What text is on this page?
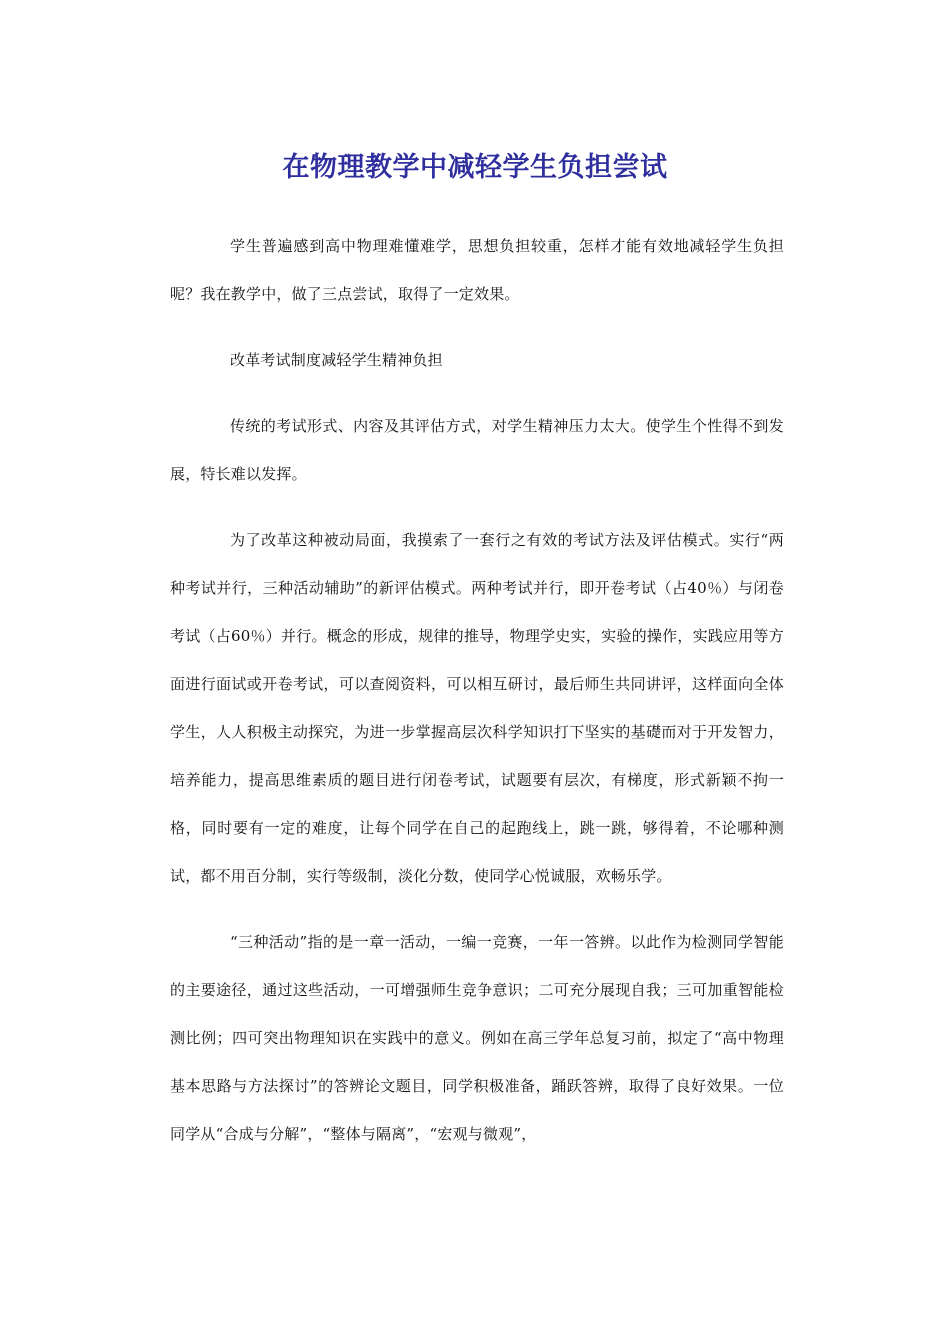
在物理教学中减轻学生负担尝试

学生普遍感到高中物理难懂难学，思想负担较重，怎样才能有效地减轻学生负担呢？我在教学中，做了三点尝试，取得了一定效果。

改革考试制度减轻学生精神负担

传统的考试形式、内容及其评估方式，对学生精神压力太大。使学生个性得不到发展，特长难以发挥。

为了改革这种被动局面，我摸索了一套行之有效的考试方法及评估模式。实行“两种考试并行，三种活动辅助”的新评估模式。两种考试并行，即开卷考试（占40％）与闭卷考试（占60％）并行。概念的形成，规律的推导，物理学史实，实验的操作，实践应用等方面进行面试或开卷考试，可以查阅资料，可以相互研讨，最后师生共同讲评，这样面向全体学生，人人积极主动探究，为进一步掌握高层次科学知识打下坚实的基礎而对于开发智力，培养能力，提高思维素质的题目进行闭卷考试，试题要有层次，有梯度，形式新颖不拘一格，同时要有一定的难度，让每个同学在自己的起跑线上，跳一跳，够得着，不论哪种测试，都不用百分制，实行等级制，淡化分数，使同学心悦诚服，欢畅乐学。

“三种活动”指的是一章一活动，一编一竞赛，一年一答辨。以此作为检测同学智能的主要途径，通过这些活动，一可增强师生竞争意识；二可充分展现自我；三可加重智能检测比例；四可突出物理知识在实践中的意义。例如在高三学年总复习前，拟定了“高中物理基本思路与方法探讨”的答辨论文题目，同学积极准备，踊跃答辨，取得了良好效果。一位同学从“合成与分解”，“整体与隔离”，“宏观与微观”，
